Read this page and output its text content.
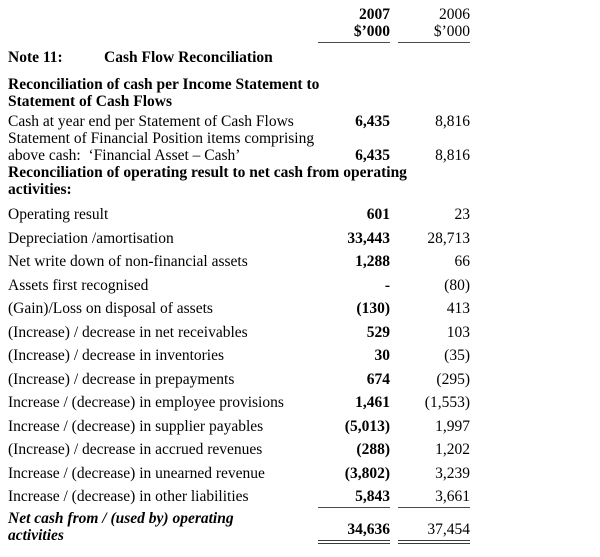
2007	2006
$’000	$’000
Note 11:	Cash Flow Reconciliation
Reconciliation of cash per Income Statement to
Statement of Cash Flows
Cash at year end per Statement of Cash Flows	6,435	8,816
Statement of Financial Position items comprising
above cash:  ‘Financial Asset – Cash’	6,435	8,816
Reconciliation of operating result to net cash from operating
activities:
Operating result	601	23
Depreciation /amortisation	33,443	28,713
Net write down of non-financial assets	1,288	66
Assets first recognised	-	(80)
(Gain)/Loss on disposal of assets	(130)	413
(Increase) / decrease in net receivables	529	103
(Increase) / decrease in inventories	30	(35)
(Increase) / decrease in prepayments	674	(295)
Increase / (decrease) in employee provisions	1,461	(1,553)
Increase / (decrease) in supplier payables	(5,013)	1,997
(Increase) / decrease in accrued revenues	(288)	1,202
Increase / (decrease) in unearned revenue	(3,802)	3,239
Increase / (decrease) in other liabilities	5,843	3,661
Net cash from / (used by) operating
activities	34,636	37,454
